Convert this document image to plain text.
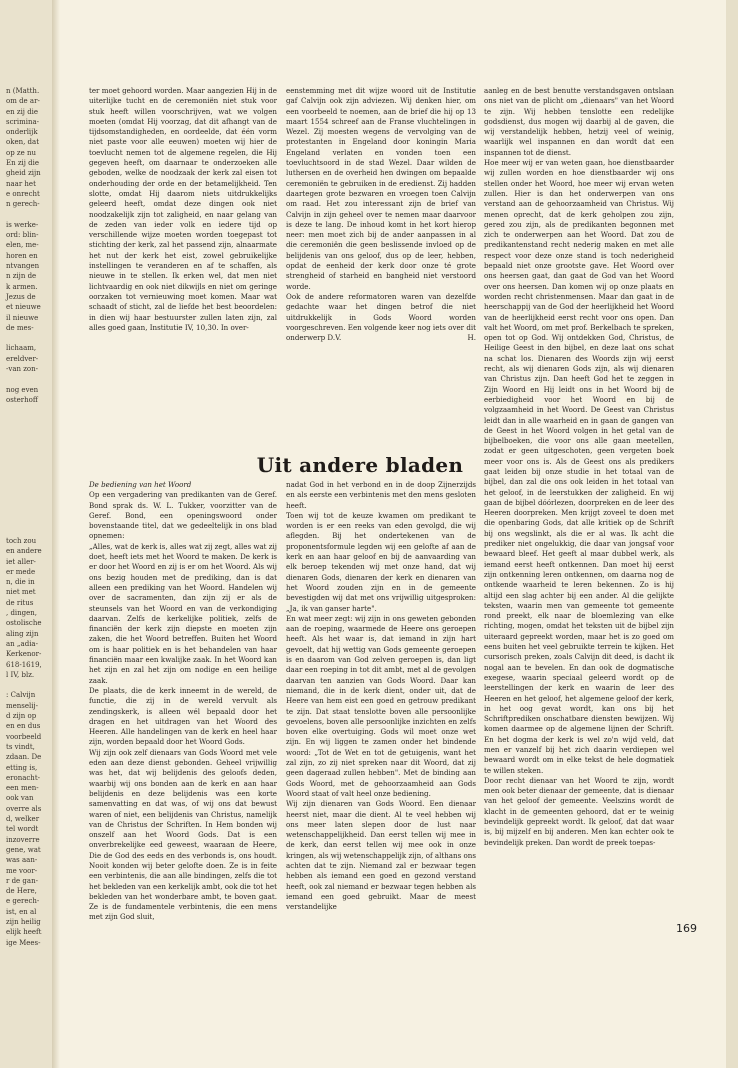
n (Matth.
om de ar-
en zij die
scrimina-
onderlijk
oken, dat
op ze nu
En zij die
gheid zijn
naar het
e onrecht
n gerech-

is werke-
ord: blin-
elen, me-
horen en
ntvangen
n zijn de
k armen.
Jezus de
et nieuwe
il nieuwe
de mes-

lichaam,
ereldver-
-van zon-

nog even
osterhoff
toch zou
en andere
iet aller-
er mede
n, die in
niet met
de ritus
, dingen,
ostolische
aling zijn
an „adia-
Kerkenor-
618-1619,
l IV, blz.

: Calvijn
menselij-
d zijn op
en en dus
voorbeeld
ts vindt,
zdaan. De
etting is,
eronacht-
een men-
ook van
overre als
d, welker
tel wordt
inzoverre
gene, wat
was aan-
me voor-
r de gan-
de Here,
e gerech-
ist, en al
zijn heilig
elijk heeft
ige Mees-

ter moet gehoord worden. Maar aangezien Hij in de uiterlijke tucht en de ceremoniën niet stuk voor stuk heeft willen voorschrijven, wat we volgen moeten (omdat Hij voorzag, dat dit afhangt van de tijdsomstandigheden, en oordeelde, dat één vorm niet paste voor alle eeuwen) moeten wij hier de toevlucht nemen tot de algemene regelen, die Hij gegeven heeft, om daarnaar te onderzoeken alle geboden, welke de noodzaak der kerk zal eisen tot onderhouding der orde en der betamelijkheid. Ten slotte, omdat Hij daarom niets uitdrukkelijks geleerd heeft, omdat deze dingen ook niet noodzakelijk zijn tot zaligheid, en naar gelang van de zeden van ieder volk en iedere tijd op verschillende wijze moeten worden toegepast tot stichting der kerk, zal het passend zijn, alnaarmate het nut der kerk het eist, zowel gebruikelijke instellingen te veranderen en af te schaffen, als nieuwe in te stellen. Ik erken wel, dat men niet lichtvaardig en ook niet dikwijls en niet om geringe oorzaken tot vernieuwing moet komen. Maar wat schaadt of sticht, zal de liefde het best beoordelen: in dien wij haar bestuurster zullen laten zijn, zal alles goed gaan, Institutie IV, 10,30. In over-

eenstemming met dit wijze woord uit de Institutie gaf Calvijn ook zijn adviezen. Wij denken hier, om een voorbeeld te noemen, aan de brief die hij op 13 maart 1554 schreef aan de Franse vluchtelingen in Wezel. Zij moesten wegens de vervolging van de protestanten in Engeland door koningin Maria Engeland verlaten en vonden toen een toevluchtsoord in de stad Wezel. Daar wilden de luthersen en de overheid hen dwingen om bepaalde ceremoniën te gebruiken in de eredienst. Zij hadden daartegen grote bezwaren en vroegen toen Calvijn om raad. Het zou interessant zijn de brief van Calvijn in zijn geheel over te nemen maar daarvoor is deze te lang. De inhoud komt in het kort hierop neer: men moet zich bij de ander aanpassen in al die ceremoniën die geen beslissende invloed op de belijdenis van ons geloof, dus op de leer, hebben, opdat de eenheid der kerk door onze té grote strengheid of starheid en bangheid niet verstoord worde.

Ook de andere reformatoren waren van dezelfde gedachte waar het dingen betrof die niet uitdrukkelijk in Gods Woord worden voorgeschreven. Een volgende keer nog iets over dit onderwerp D.V.	H.

aanleg en de best benutte verstandsgaven ontslaan ons niet van de plicht om „dienaars" van het Woord te zijn. Wij hebben tenslotte een redelijke godsdienst, dus mogen wij daarbij al de gaven, die wij verstandelijk hebben, hetzij veel of weinig, waarlijk wel inspannen en dan wordt dat een inspannen tot de dienst.

Hoe meer wij er van weten gaan, hoe dienstbaarder wij zullen worden en hoe dienstbaarder wij ons stellen onder het Woord, hoe meer wij ervan weten zullen. Hier is dan het onderwerpen van ons verstand aan de gehoorzaamheid van Christus. Wij menen oprecht, dat de kerk geholpen zou zijn, gered zou zijn, als de predikanten begonnen met zich te onderwerpen aan het Woord. Dat zou de predikantenstand recht nederig maken en met alle respect voor deze onze stand is toch nederigheid bepaald niet onze grootste gave. Het Woord over ons heersen gaat, dan gaat de God van het Woord over ons heersen. Dan komen wij op onze plaats en worden recht christenmensen. Maar dan gaat in de heerschappij van de God der heerlijkheid het Woord van de heerlijkheid eerst recht voor ons open. Dan valt het Woord, om met prof. Berkelbach te spreken, open tot op God. Wij ontdekken God, Christus, de Heilige Geest in den bijbel, en deze laat ons schat na schat los. Dienaren des Woords zijn wij eerst recht, als wij dienaren Gods zijn, als wij dienaren van Christus zijn. Dan heeft God het te zeggen in Zijn Woord en Hij leidt ons in het Woord bij de eerbiedigheid voor het Woord en bij de volgzaamheid in het Woord. De Geest van Christus leidt dan in alle waarheid en in gaan de gangen van de Geest in het Woord volgen in het getal van de bijbelboeken, die voor ons alle gaan meetellen, zodat er geen uitgeschoten, geen vergeten boek meer voor ons is. Als de Geest ons als predikers gaat leiden bij onze studie in het totaal van de bijbel, dan zal die ons ook leiden in het totaal van het geloof, in de leerstukken der zaligheid. En wij gaan de bijbel dóórlezen, doorpreken en de leer des Heeren doorpreken. Men krijgt zoveel te doen met die openbaring Gods, dat alle kritiek op de Schrift bij ons wegslinkt, als die er al was. Ik acht die prediker niet ongelukkig, die daar van jongsaf voor bewaard bleef. Het geeft al maar dubbel werk, als iemand eerst heeft ontkennen. Dan moet hij eerst zijn ontkenning leren ontkennen, om daarna nog de ontkende waarheid te leren bekennen. Zo is hij altijd een slag achter bij een ander. Al die gelijkte teksten, waarin men van gemeente tot gemeente rond preekt, elk naar de bloemlezing van elke richting, mogen, omdat het teksten uit de bijbel zijn uiteraard gepreekt worden, maar het is zo goed om eens buiten het veel gebruikte terrein te kijken. Het cursorisch preken, zoals Calvijn dit deed, is dacht ik nogal aan te bevelen. En dan ook de dogmatische exegese, waarin speciaal geleerd wordt op de leerstellingen der kerk en waarin de leer des Heeren en het geloof, het algemene geloof der kerk, in het oog gevat wordt, kan ons bij het Schriftprediken onschatbare diensten bewijzen. Wij komen daarmee op de algemene lijnen der Schrift. En het dogma der kerk is wel zo'n wijd veld, dat men er vanzelf bij het zich daarin verdiepen wel bewaard wordt om in elke tekst de hele dogmatiek te willen steken.

Door recht dienaar van het Woord te zijn, wordt men ook beter dienaar der gemeente, dat is dienaar van het geloof der gemeente. Veelszins wordt de klacht in de gemeenten gehoord, dat er te weinig bevindelijk gepreekt wordt. Ik geloof, dat dat waar is, bij mijzelf en bij anderen. Men kan echter ook te bevindelijk preken. Dan wordt de preek toepas-

Uit andere bladen

De bediening van het Woord

Op een vergadering van predikanten van de Geref. Bond sprak ds. W. L. Tukker, voorzitter van de Geref. Bond, een openingswoord onder bovenstaande titel, dat we gedeeltelijk in ons blad opnemen:

„Alles, wat de kerk is, alles wat zij zegt, alles wat zij doet, heeft iets met het Woord te maken. De kerk is er door het Woord en zij is er om het Woord. Als wij ons bezig houden met de prediking, dan is dat alleen een prediking van het Woord. Handelen wij over de sacramenten, dan zijn zij er als de steunsels van het Woord en van de verkondiging daarvan. Zelfs de kerkelijke politiek, zelfs de financiën der kerk zijn diepste en moeten zijn zaken, die het Woord betreffen. Buiten het Woord om is haar politiek en is het behandelen van haar financiën maar een kwalijke zaak. In het Woord kan het zijn en zal het zijn om nodige en een heilige zaak.

De plaats, die de kerk inneemt in de wereld, de functie, die zij in de wereld vervult als zendingskerk, is alleen wél bepaald door het dragen en het uitdragen van het Woord des Heeren. Alle handelingen van de kerk en heel haar zijn, worden bepaald door het Woord Gods.

Wij zijn ook zelf dienaars van Gods Woord met vele eden aan deze dienst gebonden. Geheel vrijwillig was het, dat wij belijdenis des geloofs deden, waarbij wij ons bonden aan de kerk en aan haar belijdenis en deze belijdenis was een korte samenvatting en dat was, of wij ons dat bewust waren of niet, een belijdenis van Christus, namelijk van de Christus der Schriften. In Hem bonden wij onszelf aan het Woord Gods. Dat is een onverbrekelijke eed geweest, waaraan de Heere, Die de God des eeds en des verbonds is, ons houdt. Nooit konden wij beter gelofte doen. Ze is in feite een verbintenis, die aan alle bindingen, zelfs die tot het bekleden van een kerkelijk ambt, ook die tot het bekleden van het wonderbare ambt, te boven gaat. Ze is de fundamentele verbintenis, die een mens met zijn God sluit,

nadat God in het verbond en in de doop Zijnerzijds en als eerste een verbintenis met den mens gesloten heeft.

Toen wij tot de keuze kwamen om predikant te worden is er een reeks van eden gevolgd, die wij aflegden. Bij het ondertekenen van de proponentsformule legden wij een gelofte af aan de kerk en aan haar geloof en bij de aanvaarding van elk beroep tekenden wij met onze hand, dat wij dienaren Gods, dienaren der kerk en dienaren van het Woord zouden zijn en in de gemeente bevestigden wij dat met ons vrijwillig uitgesproken: „Ja, ik van ganser harte".

En wat meer zegt: wij zijn in ons geweten gebonden aan de roeping, waarmede de Heere ons geroepen heeft. Als het waar is, dat iemand in zijn hart gevoelt, dat hij wettig van Gods gemeente geroepen is en daarom van God zelven geroepen is, dan ligt daar een roeping in tot dit ambt, met al de gevolgen daarvan ten aanzien van Gods Woord. Daar kan niemand, die in de kerk dient, onder uit, dat de Heere van hem eist een goed en getrouw predikant te zijn. Dat staat tenslotte boven alle persoonlijke gevoelens, boven alle persoonlijke inzichten en zelfs boven elke overtuiging. Gods wil moet onze wet zijn. En wij liggen te zamen onder het bindende woord: „Tot de Wet en tot de getuigenis, want het zal zijn, zo zij niet spreken naar dit Woord, dat zij geen dageraad zullen hebben". Met de binding aan Gods Woord, met de gehoorzaamheid aan Gods Woord staat of valt heel onze bediening.

Wij zijn dienaren van Gods Woord. Een dienaar heerst niet, maar die dient. Al te veel hebben wij ons meer laten slepen door de lust naar wetenschappelijkheid. Dan eerst tellen wij mee in de kerk, dan eerst tellen wij mee ook in onze kringen, als wij wetenschappelijk zijn, of althans ons achten dat te zijn. Niemand zal er bezwaar tegen hebben als iemand een goed en gezond verstand heeft, ook zal niemand er bezwaar tegen hebben als iemand een goed gebruikt. Maar de meest verstandelijke

169
